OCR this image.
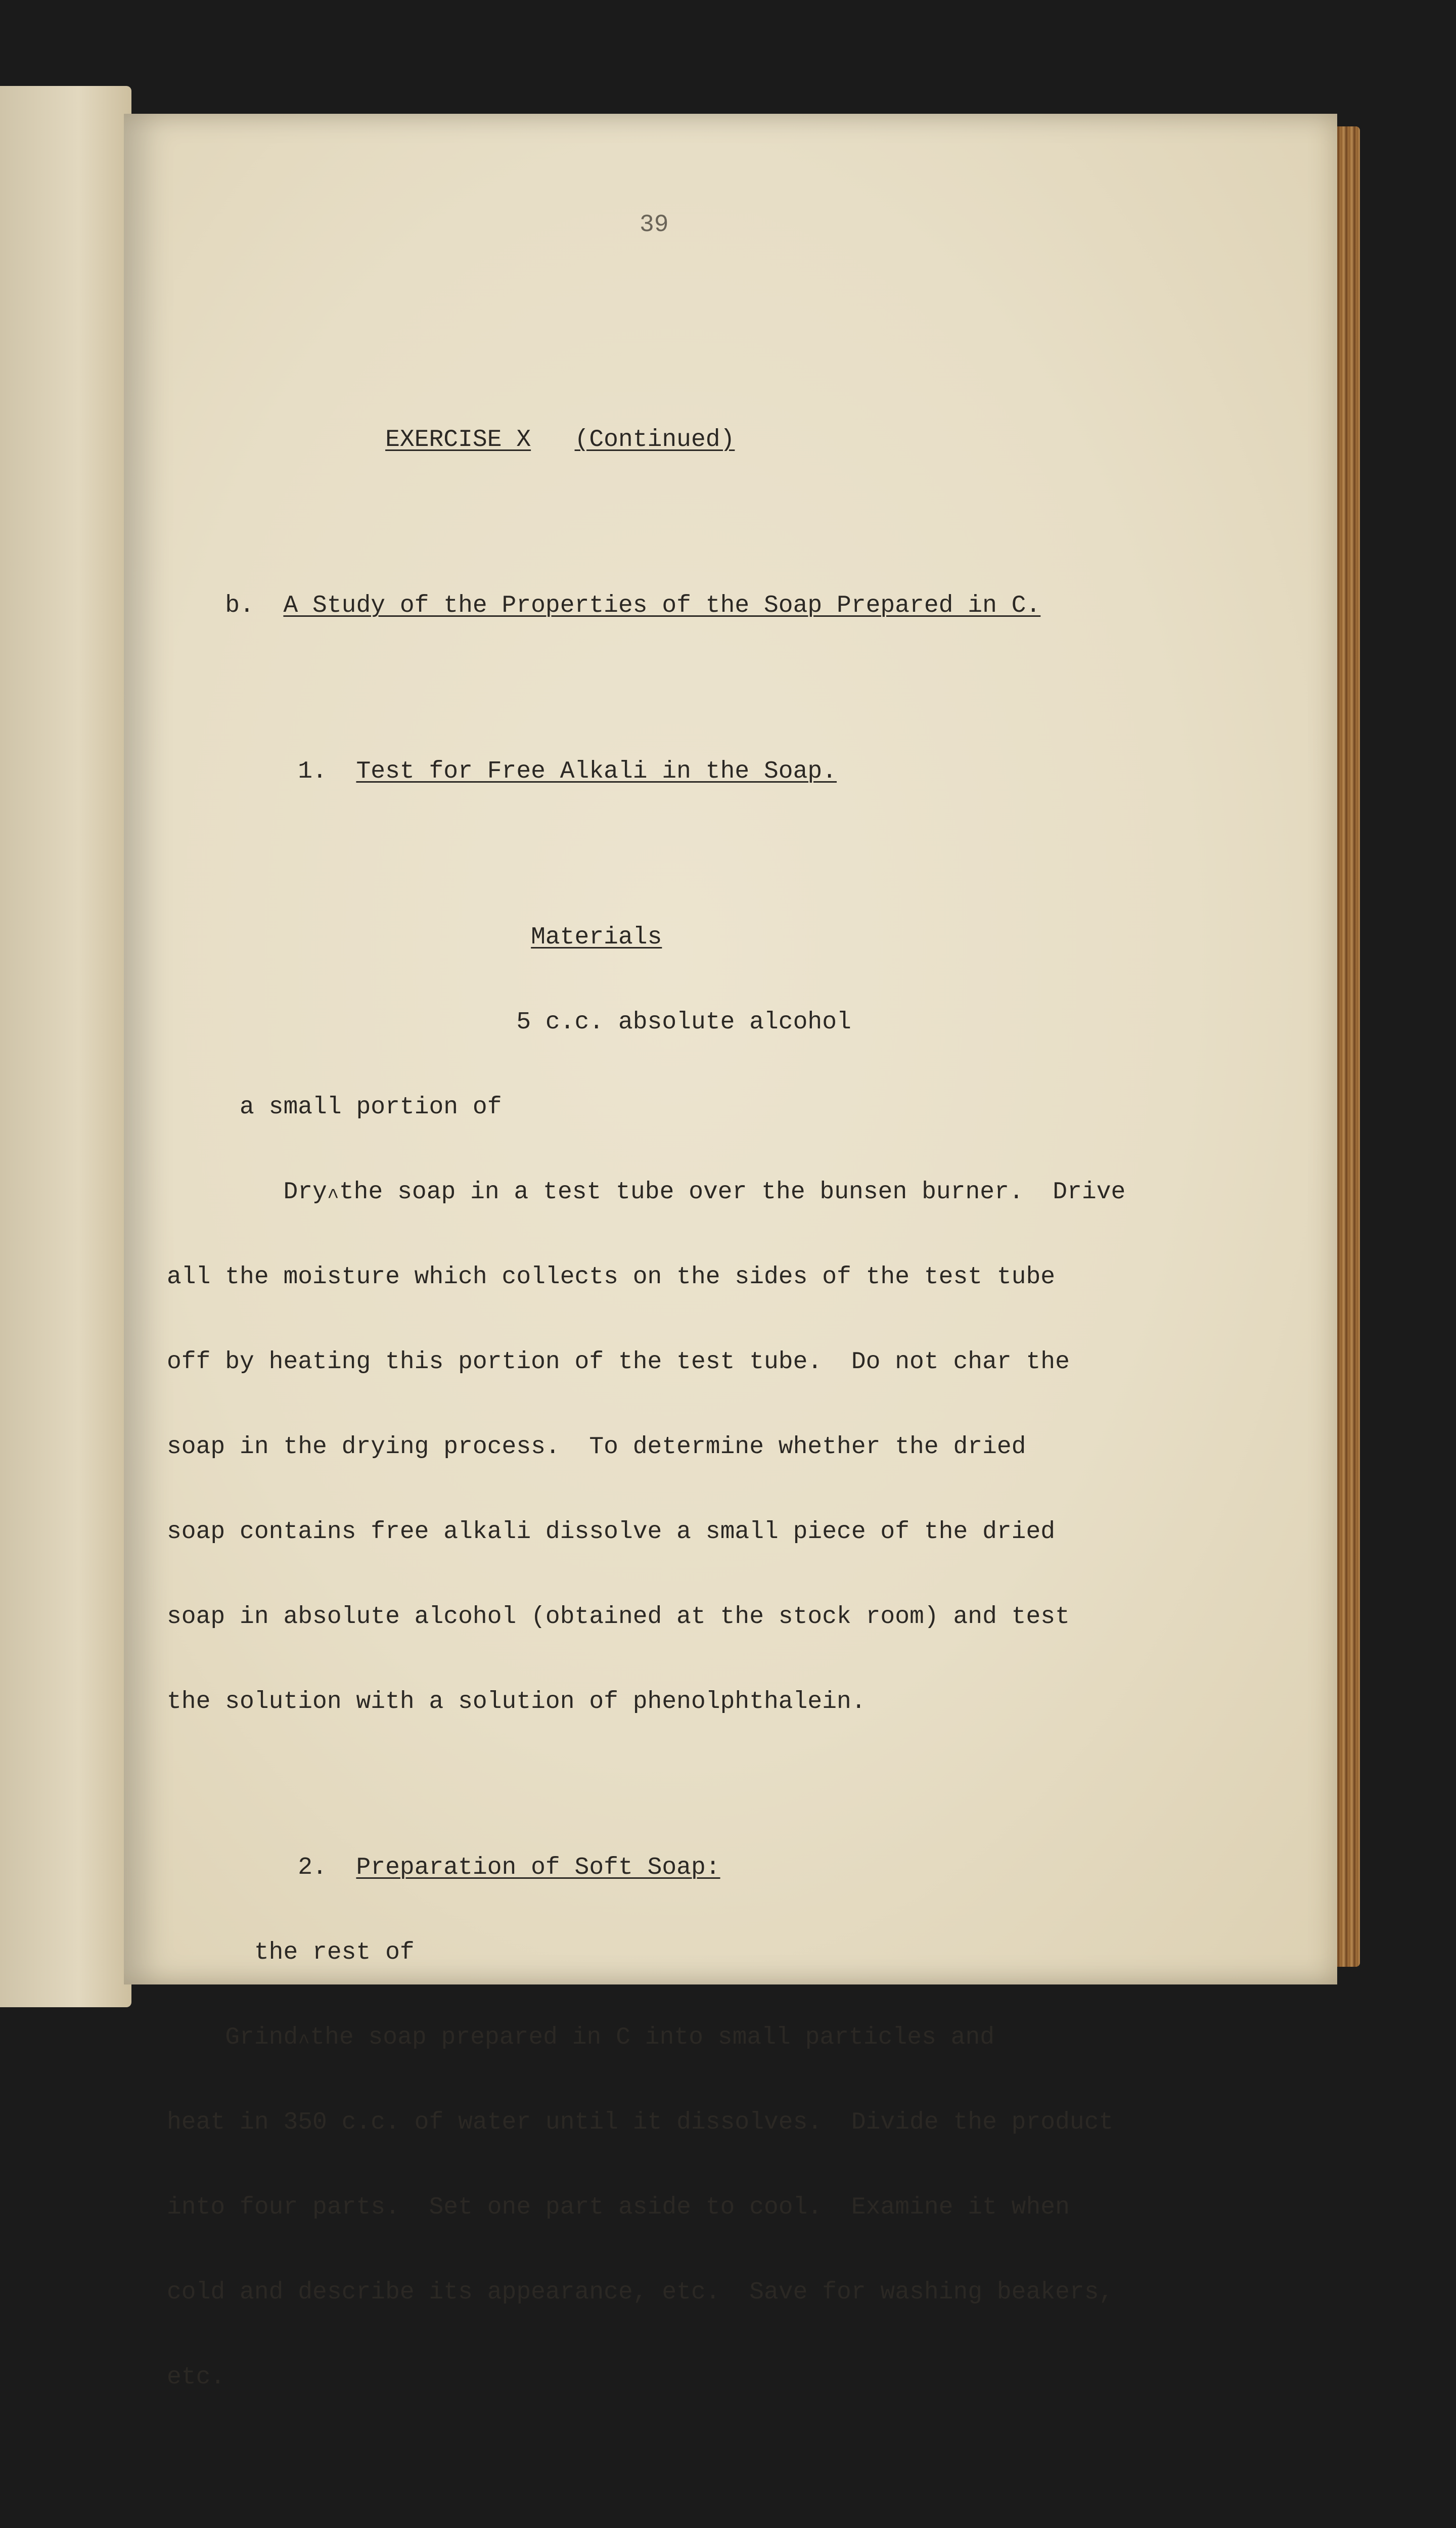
39

EXERCISE X (Continued)

b. A Study of the Properties of the Soap Prepared in C.

1. Test for Free Alkali in the Soap.

Materials

5 c.c. absolute alcohol

a small portion of

Dry^the soap in a test tube over the bunsen burner.  Drive

all the moisture which collects on the sides of the test tube

off by heating this portion of the test tube.  Do not char the

soap in the drying process.  To determine whether the dried

soap contains free alkali dissolve a small piece of the dried

soap in absolute alcohol (obtained at the stock room) and test

the solution with a solution of phenolphthalein.

2. Preparation of Soft Soap:

the rest of

Grind^the soap prepared in C into small particles and

heat in 350 c.c. of water until it dissolves.  Divide the product

into four parts.  Set one part aside to cool.  Examine it when

cold and describe its appearance, etc.  Save for washing beakers,

etc.
